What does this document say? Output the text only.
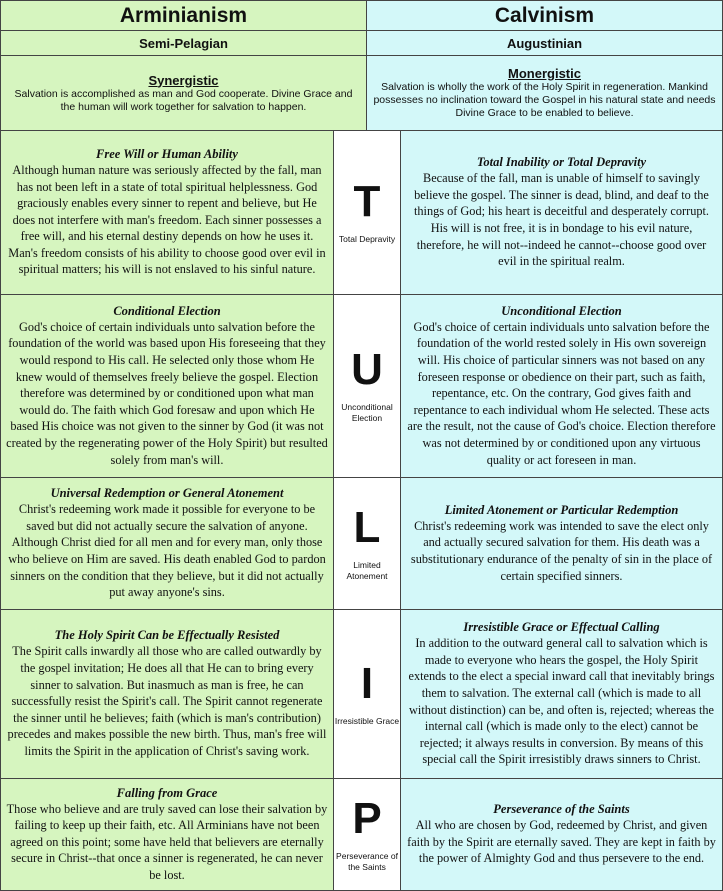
Arminianism	Calvinism
Semi-Pelagian	Augustinian
Synergistic
Salvation is accomplished as man and God cooperate. Divine Grace and the human will work together for salvation to happen.
Monergistic
Salvation is wholly the work of the Holy Spirit in regeneration. Mankind possesses no inclination toward the Gospel in his natural state and needs Divine Grace to be enabled to believe.
Free Will or Human Ability
Although human nature was seriously affected by the fall, man has not been left in a state of total spiritual helplessness. God graciously enables every sinner to repent and believe, but He does not interfere with man's freedom. Each sinner possesses a free will, and his eternal destiny depends on how he uses it. Man's freedom consists of his ability to choose good over evil in spiritual matters; his will is not enslaved to his sinful nature.
T
Total Depravity
Total Inability or Total Depravity
Because of the fall, man is unable of himself to savingly believe the gospel. The sinner is dead, blind, and deaf to the things of God; his heart is deceitful and desperately corrupt. His will is not free, it is in bondage to his evil nature, therefore, he will not--indeed he cannot--choose good over evil in the spiritual realm.
Conditional Election
God's choice of certain individuals unto salvation before the foundation of the world was based upon His foreseeing that they would respond to His call. He selected only those whom He knew would of themselves freely believe the gospel. Election therefore was determined by or conditioned upon what man would do. The faith which God foresaw and upon which He based His choice was not given to the sinner by God (it was not created by the regenerating power of the Holy Spirit) but resulted solely from man's will.
U
Unconditional Election
Unconditional Election
God's choice of certain individuals unto salvation before the foundation of the world rested solely in His own sovereign will. His choice of particular sinners was not based on any foreseen response or obedience on their part, such as faith, repentance, etc. On the contrary, God gives faith and repentance to each individual whom He selected. These acts are the result, not the cause of God's choice. Election therefore was not determined by or conditioned upon any virtuous quality or act foreseen in man.
Universal Redemption or General Atonement
Christ's redeeming work made it possible for everyone to be saved but did not actually secure the salvation of anyone. Although Christ died for all men and for every man, only those who believe on Him are saved. His death enabled God to pardon sinners on the condition that they believe, but it did not actually put away anyone's sins.
L
Limited Atonement
Limited Atonement or Particular Redemption
Christ's redeeming work was intended to save the elect only and actually secured salvation for them. His death was a substitutionary endurance of the penalty of sin in the place of certain specified sinners.
The Holy Spirit Can be Effectually Resisted
The Spirit calls inwardly all those who are called outwardly by the gospel invitation; He does all that He can to bring every sinner to salvation. But inasmuch as man is free, he can successfully resist the Spirit's call. The Spirit cannot regenerate the sinner until he believes; faith (which is man's contribution) precedes and makes possible the new birth. Thus, man's free will limits the Spirit in the application of Christ's saving work.
I
Irresistible Grace
Irresistible Grace or Effectual Calling
In addition to the outward general call to salvation which is made to everyone who hears the gospel, the Holy Spirit extends to the elect a special inward call that inevitably brings them to salvation. The external call (which is made to all without distinction) can be, and often is, rejected; whereas the internal call (which is made only to the elect) cannot be rejected; it always results in conversion. By means of this special call the Spirit irresistibly draws sinners to Christ.
Falling from Grace
Those who believe and are truly saved can lose their salvation by failing to keep up their faith, etc. All Arminians have not been agreed on this point; some have held that believers are eternally secure in Christ--that once a sinner is regenerated, he can never be lost.
P
Perseverance of the Saints
Perseverance of the Saints
All who are chosen by God, redeemed by Christ, and given faith by the Spirit are eternally saved. They are kept in faith by the power of Almighty God and thus persevere to the end.
